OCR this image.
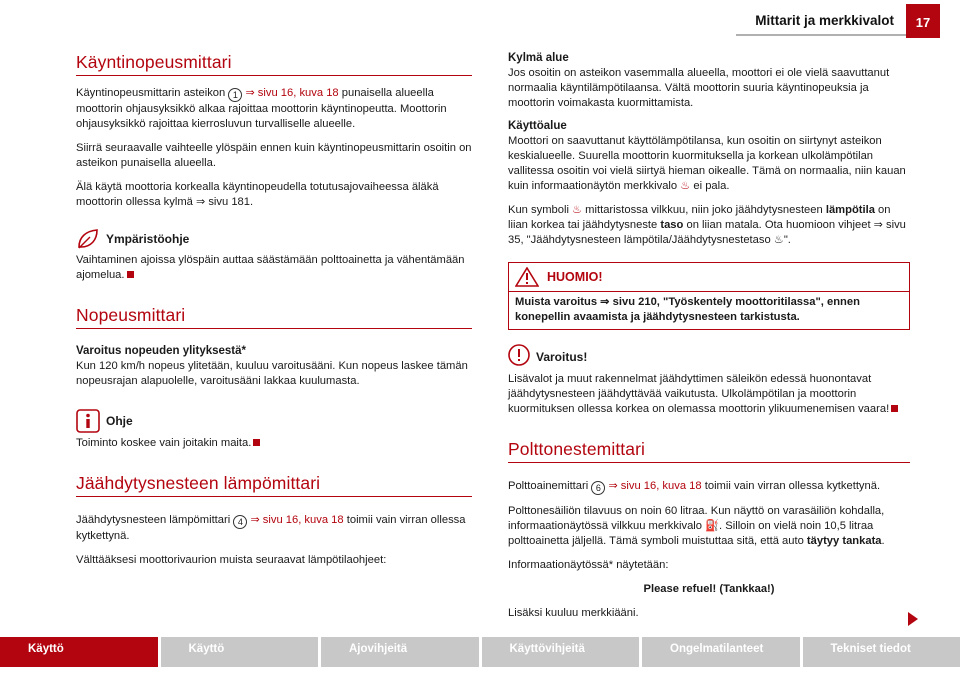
Mittarit ja merkkivalot	17
Käyntinopeusmittari

Käyntinopeusmittarin asteikon 1 ⇒ sivu 16, kuva 18 punaisella alueella moottorin ohjausyksikkö alkaa rajoittaa moottorin käyntinopeutta. Moottorin ohjausyksikkö rajoittaa kierrosluvun turvalliselle alueelle.

Siirrä seuraavalle vaihteelle ylöspäin ennen kuin käyntinopeusmittarin osoitin on asteikon punaisella alueella.

Älä käytä moottoria korkealla käyntinopeudella totutusajovaiheessa äläkä moottorin ollessa kylmä ⇒ sivu 181.

Ympäristöohje

Vaihtaminen ajoissa ylöspäin auttaa säästämään polttoainetta ja vähentämään ajomelua.

Nopeusmittari
Varoitus nopeuden ylityksestä*

Kun 120 km/h nopeus ylitetään, kuuluu varoitusääni. Kun nopeus laskee tämän nopeusrajan alapuolelle, varoitusääni lakkaa kuulumasta.

Ohje

Toiminto koskee vain joitakin maita.

Jäähdytysnesteen lämpömittari

Jäähdytysnesteen lämpömittari 4 ⇒ sivu 16, kuva 18 toimii vain virran ollessa kytkettynä.

Välttääksesi moottorivaurion muista seuraavat lämpötilaohjeet:

Kylmä alue

Jos osoitin on asteikon vasemmalla alueella, moottori ei ole vielä saavuttanut normaalia käyntilämpötilaansa. Vältä moottorin suuria käyntinopeuksia ja moottorin voimakasta kuormittamista.

Käyttöalue

Moottori on saavuttanut käyttölämpötilansa, kun osoitin on siirtynyt asteikon keskialueelle. Suurella moottorin kuormituksella ja korkean ulkolämpötilan vallitessa osoitin voi vielä siirtyä hieman oikealle. Tämä on normaalia, niin kauan kuin informaationäytön merkkivalo ♨ ei pala.

Kun symboli ♨ mittaristossa vilkkuu, niin joko jäähdytysnesteen lämpötila on liian korkea tai jäähdytysneste taso on liian matala. Ota huomioon vihjeet ⇒ sivu 35, "Jäähdytysnesteen lämpötila/Jäähdytysnestetaso ♨".

HUOMIO!
Muista varoitus ⇒ sivu 210, "Työskentely moottoritilassa", ennen konepellin avaamista ja jäähdytysnesteen tarkistusta.
Varoitus!

Lisävalot ja muut rakennelmat jäähdyttimen säleikön edessä huonontavat jäähdytysnesteen jäähdyttävää vaikutusta. Ulkolämpötilan ja moottorin kuormituksen ollessa korkea on olemassa moottorin ylikuumenemisen vaara!

Polttonestemittari

Polttoainemittari 6 ⇒ sivu 16, kuva 18 toimii vain virran ollessa kytkettynä.

Polttonesäiliön tilavuus on noin 60 litraa. Kun näyttö on varasäiliön kohdalla, informaationäytössä vilkkuu merkkivalo ⛽. Silloin on vielä noin 10,5 litraa polttoainetta jäljellä. Tämä symboli muistuttaa sitä, että auto täytyy tankata.

Informaationäytössä* näytetään:

Please refuel! (Tankkaa!)

Lisäksi kuuluu merkkiääni.

Käyttö	Käyttö	Ajovihjeitä	Käyttövihjeitä	Ongelmatilanteet	Tekniset tiedot
